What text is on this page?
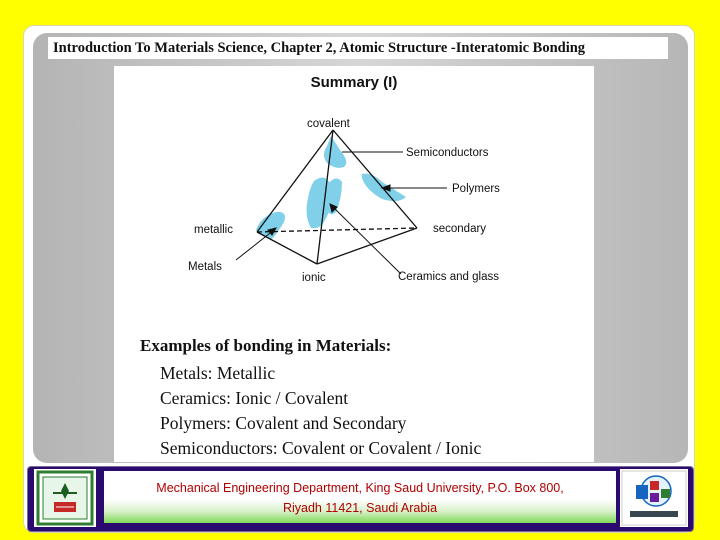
Introduction To Materials Science, Chapter 2, Atomic Structure -Interatomic Bonding
Summary (I)
covalent
metallic	secondary
ionic
Semiconductors
Polymers
Metals
Ceramics and glass
Examples of bonding in Materials:
Metals: Metallic
Ceramics: Ionic / Covalent
Polymers: Covalent and Secondary
Semiconductors: Covalent or Covalent / Ionic
Mechanical Engineering Department, King Saud University, P.O. Box 800,
Riyadh 11421, Saudi Arabia
